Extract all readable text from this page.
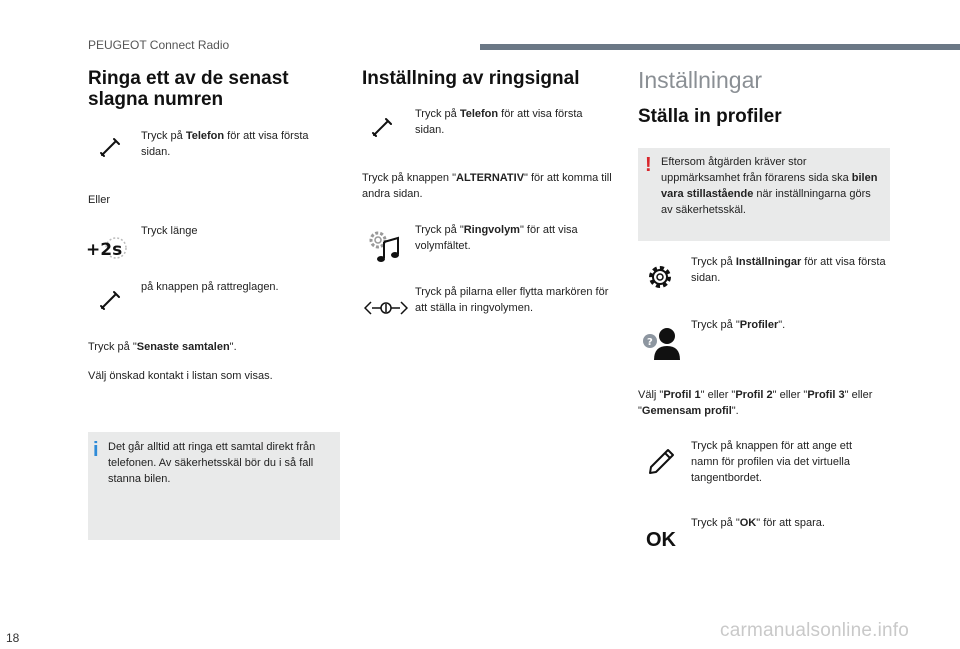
PEUGEOT Connect Radio
Ringa ett av de senast slagna numren
Tryck på Telefon för att visa första sidan.
Eller
+2s
Tryck länge
på knappen på rattreglagen.
Tryck på "Senaste samtalen".
Välj önskad kontakt i listan som visas.
i Det går alltid att ringa ett samtal direkt från telefonen. Av säkerhetsskäl bör du i så fall stanna bilen.
Inställning av ringsignal
Tryck på Telefon för att visa första sidan.
Tryck på knappen "ALTERNATIV" för att komma till andra sidan.
Tryck på "Ringvolym" för att visa volymfältet.
Tryck på pilarna eller flytta markören för att ställa in ringvolymen.
Inställningar
Ställa in profiler
! Eftersom åtgärden kräver stor uppmärksamhet från förarens sida ska bilen vara stillastående när inställningarna görs av säkerhetsskäl.
Tryck på Inställningar för att visa första sidan.
?
Tryck på "Profiler".
Välj "Profil 1" eller "Profil 2" eller "Profil 3" eller "Gemensam profil".
Tryck på knappen för att ange ett namn för profilen via det virtuella tangentbordet.
OK
Tryck på "OK" för att spara.
18	carmanualsonline.info
